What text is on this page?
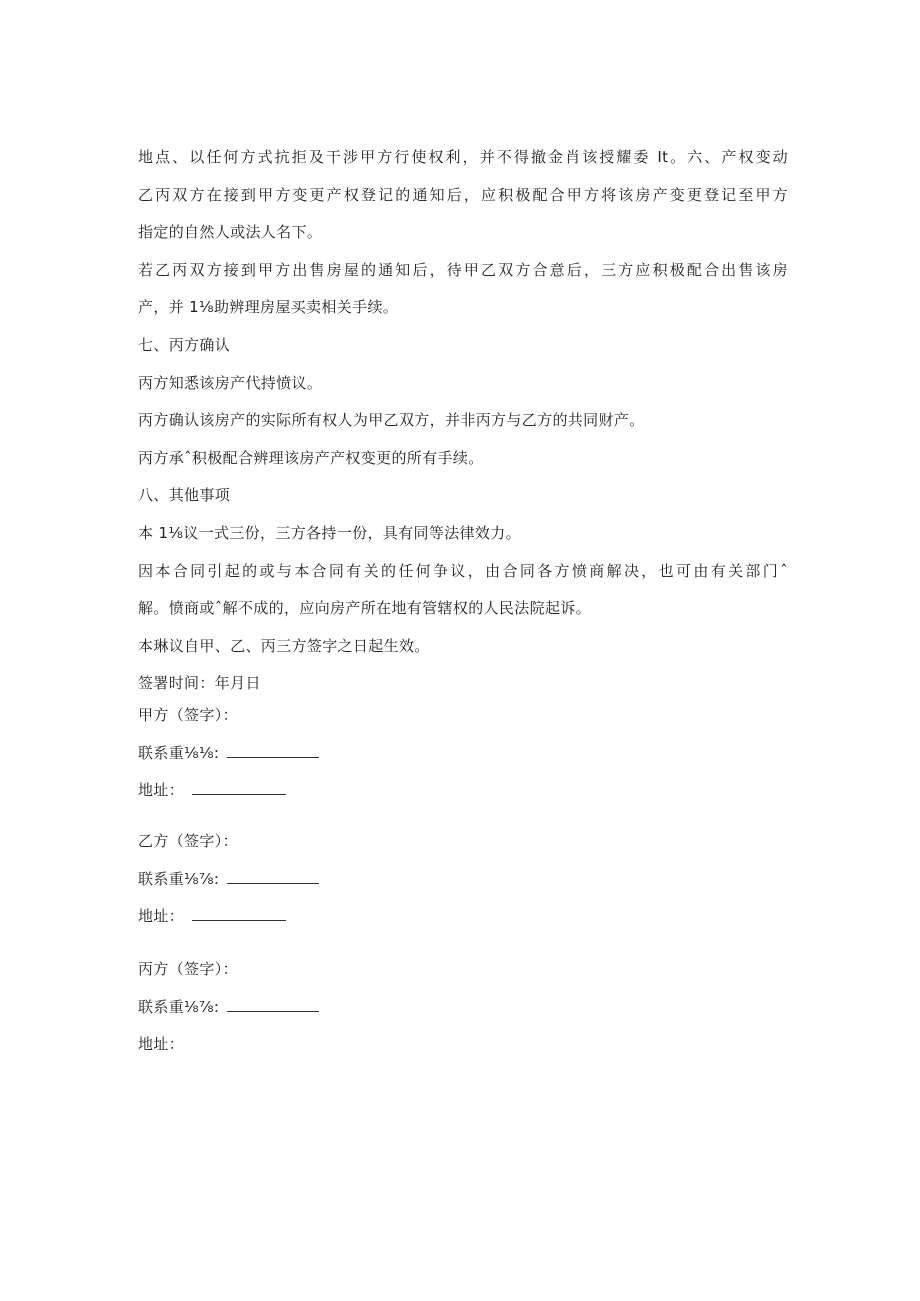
地点、以任何方式抗拒及干涉甲方行使权利，并不得撤金肖该授耀委 It。六、产权变动
乙丙双方在接到甲方变更产权登记的通知后，应积极配合甲方将该房产变更登记至甲方
指定的自然人或法人名下。
若乙丙双方接到甲方出售房屋的通知后，待甲乙双方合意后，三方应积极配合出售该房
产，并 1⅛助辨理房屋买卖相关手续。
七、丙方确认
丙方知悉该房产代持愤议。
丙方确认该房产的实际所有权人为甲乙双方，并非丙方与乙方的共同财产。
丙方承ˆ积极配合辨理该房产产权变更的所有手续。
八、其他事项
本 1⅛议一式三份，三方各持一份，具有同等法律效力。
因本合同引起的或与本合同有关的任何争议，由合同各方愤商解决，也可由有关部门ˆ
解。愤商或ˆ解不成的，应向房产所在地有管辖权的人民法院起诉。
本琳议自甲、乙、丙三方签字之日起生效。
签署时间：年月日
甲方（签字）：
联系重⅛⅛:
地址：
乙方（签字）：
联系重⅛⅞:
地址：
丙方（签字）：
联系重⅛⅞:
地址：
